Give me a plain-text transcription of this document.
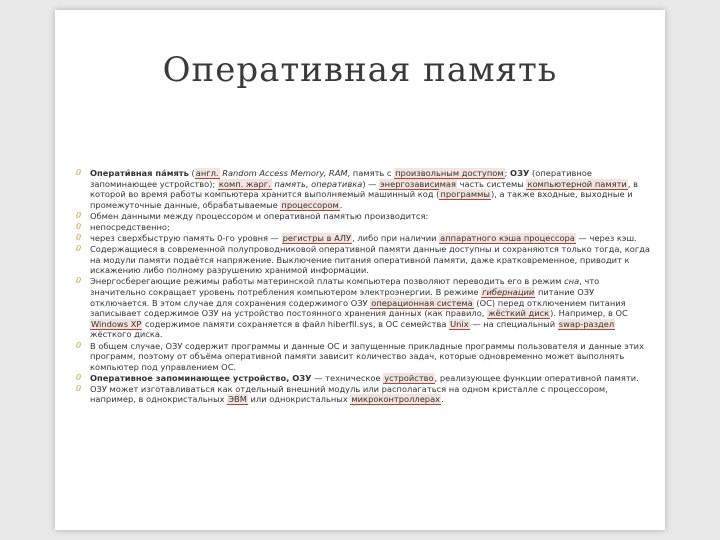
Оперативная память
0 Операти́вная па́мять (англ. Random Access Memory, RAM, память с произвольным доступом; ОЗУ (оперативное запоминающее устройство); комп. жарг. память, оперативка) — энергозависимая часть системы компьютерной памяти, в которой во время работы компьютера хранится выполняемый машинный код (программы), а также входные, выходные и промежуточные данные, обрабатываемые процессором.
0 Обмен данными между процессором и оперативной памятью производится:
0 непосредственно;
0 через сверхбыструю память 0-го уровня — регистры в АЛУ, либо при наличии аппаратного кэша процессора — через кэш.
0 Содержащиеся в современной полупроводниковой оперативной памяти данные доступны и сохраняются только тогда, когда на модули памяти подаётся напряжение. Выключение питания оперативной памяти, даже кратковременное, приводит к искажению либо полному разрушению хранимой информации.
0 Энергосберегающие режимы работы материнской платы компьютера позволяют переводить его в режим сна, что значительно сокращает уровень потребления компьютером электроэнергии. В режиме гибернации питание ОЗУ отключается. В этом случае для сохранения содержимого ОЗУ операционная система (ОС) перед отключением питания записывает содержимое ОЗУ на устройство постоянного хранения данных (как правило, жёсткий диск). Например, в ОС Windows XP содержимое памяти сохраняется в файл hiberfil.sys, в ОС семейства Unix — на специальный swap-раздел жёсткого диска.
0 В общем случае, ОЗУ содержит программы и данные ОС и запущенные прикладные программы пользователя и данные этих программ, поэтому от объёма оперативной памяти зависит количество задач, которые одновременно может выполнять компьютер под управлением ОС.
0 Оперативное запоминающее устройство, ОЗУ — техническое устройство, реализующее функции оперативной памяти.
0 ОЗУ может изготавливаться как отдельный внешний модуль или располагаться на одном кристалле с процессором, например, в однокристальных ЭВМ или однокристальных микроконтроллерах.
